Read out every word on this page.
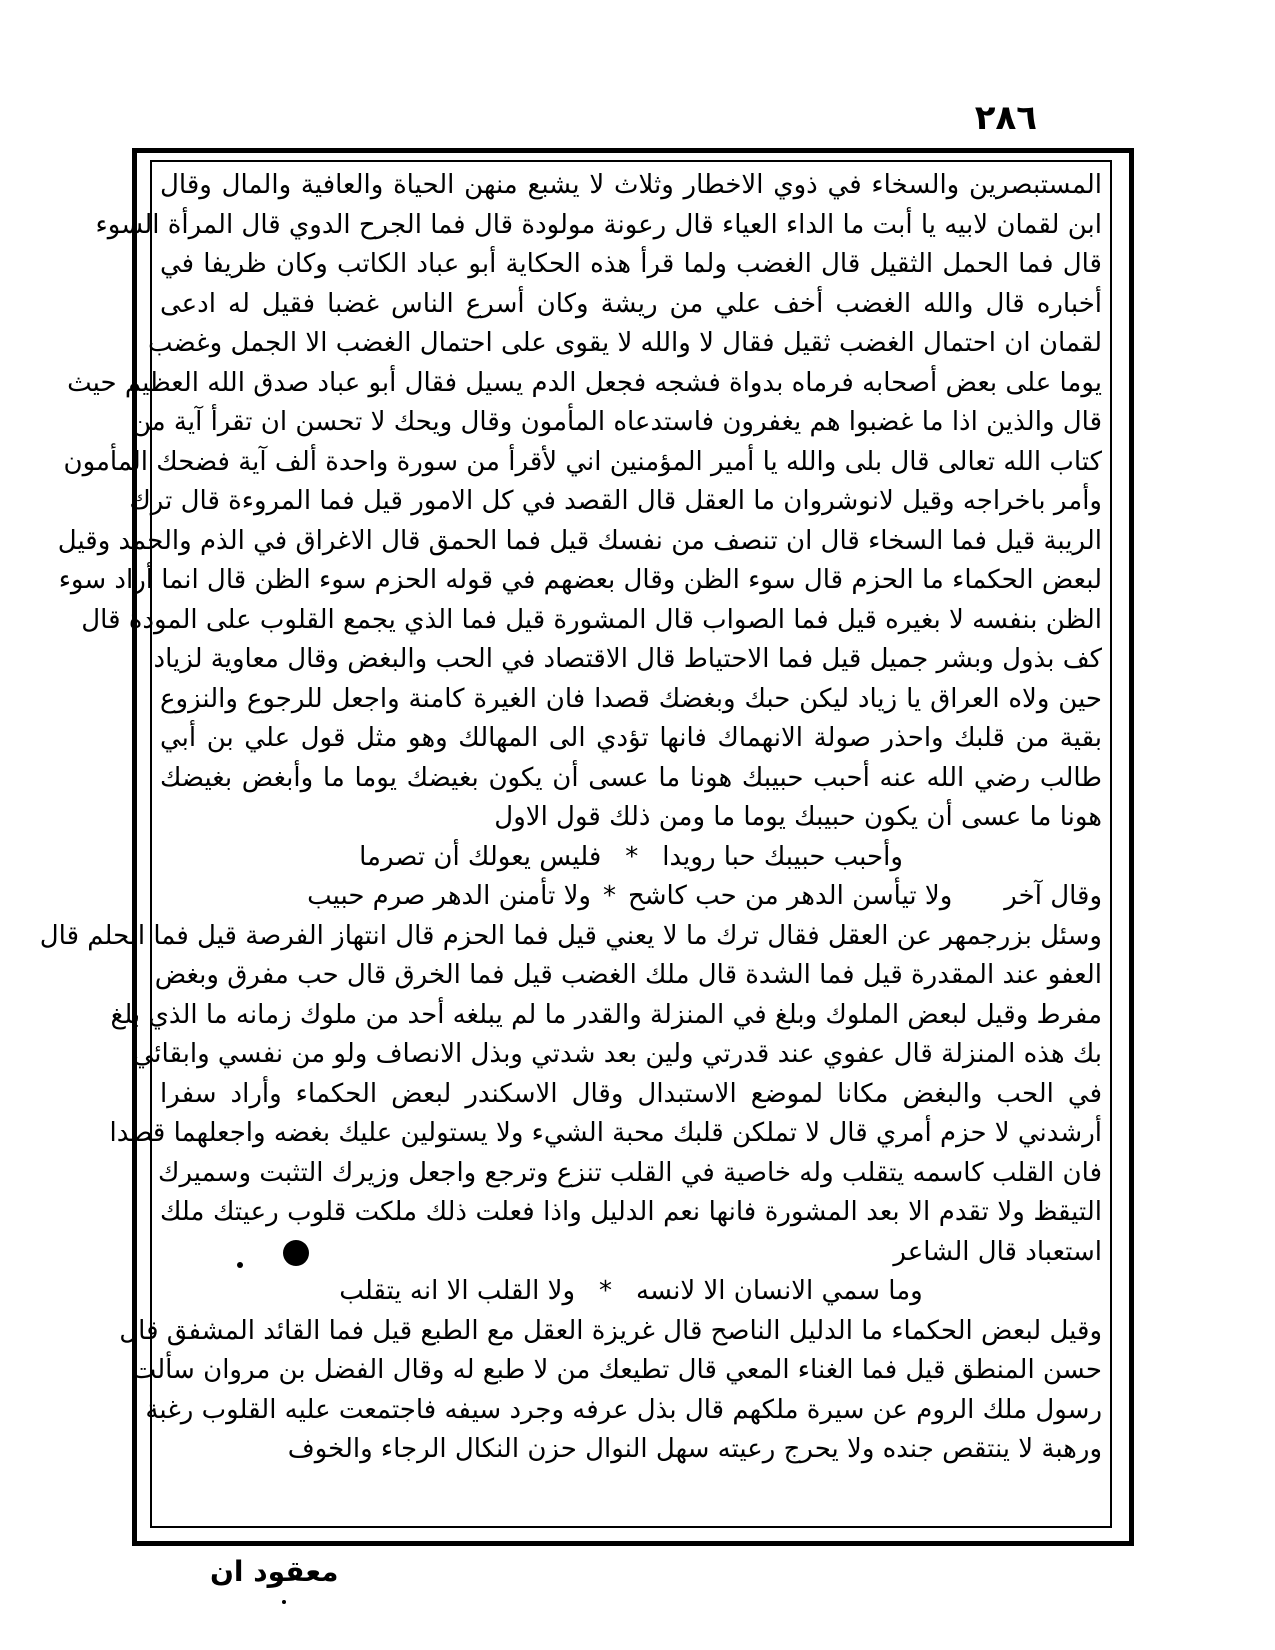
٢٨٦
المستبصرين والسخاء في ذوي الاخطار وثلاث لا يشبع منهن الحياة والعافية والمال وقال
ابن لقمان لابيه يا أبت ما الداء العياء قال رعونة مولودة قال فما الجرح الدوي قال المرأة السوء
قال فما الحمل الثقيل قال الغضب ولما قرأ هذه الحكاية أبو عباد الكاتب وكان ظريفا في
أخباره قال والله الغضب أخف علي من ريشة وكان أسرع الناس غضبا فقيل له ادعى
لقمان ان احتمال الغضب ثقيل فقال لا والله لا يقوى على احتمال الغضب الا الجمل وغضب
يوما على بعض أصحابه فرماه بدواة فشجه فجعل الدم يسيل فقال أبو عباد صدق الله العظيم حيث
قال والذين اذا ما غضبوا هم يغفرون فاستدعاه المأمون وقال ويحك لا تحسن ان تقرأ آية من
كتاب الله تعالى قال بلى والله يا أمير المؤمنين اني لأقرأ من سورة واحدة ألف آية فضحك المأمون
وأمر باخراجه وقيل لانوشروان ما العقل قال القصد في كل الامور قيل فما المروءة قال ترك
الريبة قيل فما السخاء قال ان تنصف من نفسك قيل فما الحمق قال الاغراق في الذم والحمد وقيل
لبعض الحكماء ما الحزم قال سوء الظن وقال بعضهم في قوله الحزم سوء الظن قال انما أراد سوء
الظن بنفسه لا بغيره قيل فما الصواب قال المشورة قيل فما الذي يجمع القلوب على المودة قال
كف بذول وبشر جميل قيل فما الاحتياط قال الاقتصاد في الحب والبغض وقال معاوية لزياد
حين ولاه العراق يا زياد ليكن حبك وبغضك قصدا فان الغيرة كامنة واجعل للرجوع والنزوع
بقية من قلبك واحذر صولة الانهماك فانها تؤدي الى المهالك وهو مثل قول علي بن أبي
طالب رضي الله عنه أحبب حبيبك هونا ما عسى أن يكون بغيضك يوما ما وأبغض بغيضك
هونا ما عسى أن يكون حبيبك يوما ما ومن ذلك قول الاول
وأحبب حبيبك حبا رويدا*فليس يعولك أن تصرما
وقال آخرولا تيأسن الدهر من حب كاشح*ولا تأمنن الدهر صرم حبيب
وسئل بزرجمهر عن العقل فقال ترك ما لا يعني قيل فما الحزم قال انتهاز الفرصة قيل فما الحلم قال
العفو عند المقدرة قيل فما الشدة قال ملك الغضب قيل فما الخرق قال حب مفرق وبغض
مفرط وقيل لبعض الملوك وبلغ في المنزلة والقدر ما لم يبلغه أحد من ملوك زمانه ما الذي بلغ
بك هذه المنزلة قال عفوي عند قدرتي ولين بعد شدتي وبذل الانصاف ولو من نفسي وابقائي
في الحب والبغض مكانا لموضع الاستبدال وقال الاسكندر لبعض الحكماء وأراد سفرا
أرشدني لا حزم أمري قال لا تملكن قلبك محبة الشيء ولا يستولين عليك بغضه واجعلهما قصدا
فان القلب كاسمه يتقلب وله خاصية في القلب تنزع وترجع واجعل وزيرك التثبت وسميرك
التيقظ ولا تقدم الا بعد المشورة فانها نعم الدليل واذا فعلت ذلك ملكت قلوب رعيتك ملك
استعباد قال الشاعر
وما سمي الانسان الا لانسه*ولا القلب الا انه يتقلب
وقيل لبعض الحكماء ما الدليل الناصح قال غريزة العقل مع الطبع قيل فما القائد المشفق قال
حسن المنطق قيل فما الغناء المعي قال تطيعك من لا طبع له وقال الفضل بن مروان سألت
رسول ملك الروم عن سيرة ملكهم قال بذل عرفه وجرد سيفه فاجتمعت عليه القلوب رغبة
ورهبة لا ينتقص جنده ولا يحرج رعيته سهل النوال حزن النكال الرجاء والخوف
معقود ان
